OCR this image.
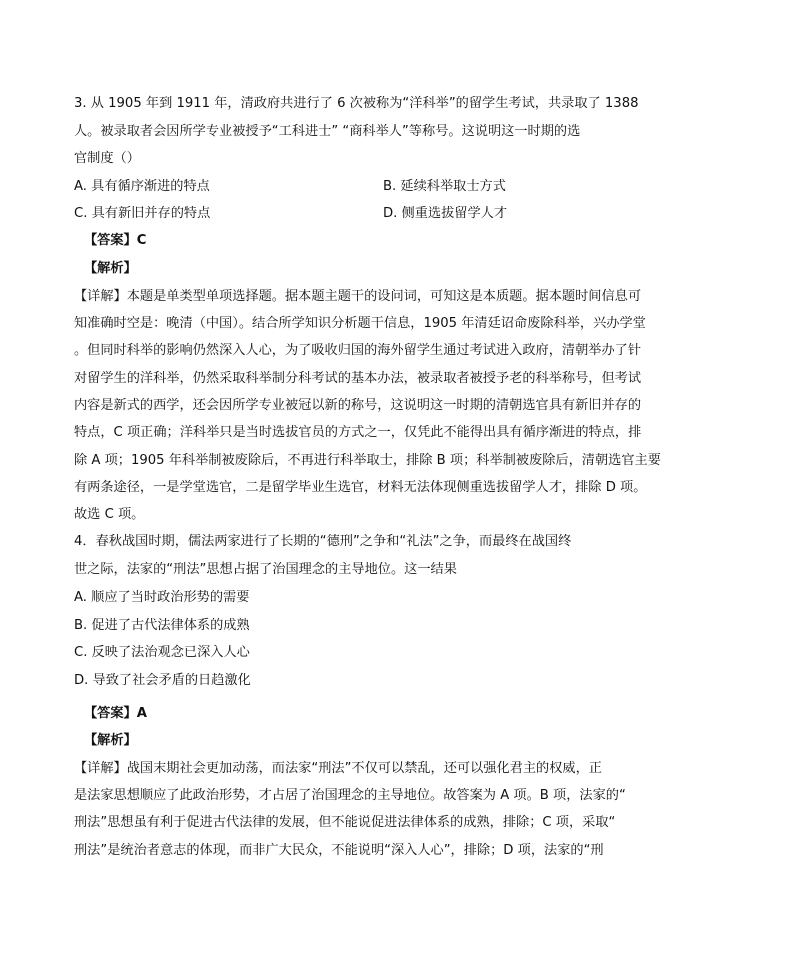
3. 从 1905 年到 1911 年，清政府共进行了 6 次被称为“洋科举”的留学生考试，共录取了 1388
人。被录取者会因所学专业被授予“工科进士” “商科举人”等称号。这说明这一时期的选
官制度（）
A. 具有循序渐进的特点	B. 延续科举取士方式
C. 具有新旧并存的特点	D. 侧重选拔留学人才
【答案】C
【解析】
【详解】本题是单类型单项选择题。据本题主题干的设问词，可知这是本质题。据本题时间信息可
知准确时空是：晚清（中国）。结合所学知识分析题干信息，1905 年清廷诏命废除科举，兴办学堂
。但同时科举的影响仍然深入人心，为了吸收归国的海外留学生通过考试进入政府，清朝举办了针
对留学生的洋科举，仍然采取科举制分科考试的基本办法，被录取者被授予老的科举称号，但考试
内容是新式的西学，还会因所学专业被冠以新的称号，这说明这一时期的清朝选官具有新旧并存的
特点，C 项正确；洋科举只是当时选拔官员的方式之一，仅凭此不能得出具有循序渐进的特点，排
除 A 项；1905 年科举制被废除后，不再进行科举取士，排除 B 项；科举制被废除后，清朝选官主要
有两条途径，一是学堂选官，二是留学毕业生选官，材料无法体现侧重选拔留学人才，排除 D 项。
故选 C 项。
4．春秋战国时期，儒法两家进行了长期的“德刑”之争和“礼法”之争，而最终在战国终
世之际，法家的“刑法”思想占据了治国理念的主导地位。这一结果
A. 顺应了当时政治形势的需要
B. 促进了古代法律体系的成熟
C. 反映了法治观念已深入人心
D. 导致了社会矛盾的日趋激化
【答案】A
【解析】
【详解】战国末期社会更加动荡，而法家“刑法”不仅可以禁乱，还可以强化君主的权威，正
是法家思想顺应了此政治形势，才占居了治国理念的主导地位。故答案为 A 项。B 项，法家的“
刑法”思想虽有利于促进古代法律的发展，但不能说促进法律体系的成熟，排除；C 项，采取“
刑法”是统治者意志的体现，而非广大民众，不能说明“深入人心”，排除；D 项，法家的“刑
